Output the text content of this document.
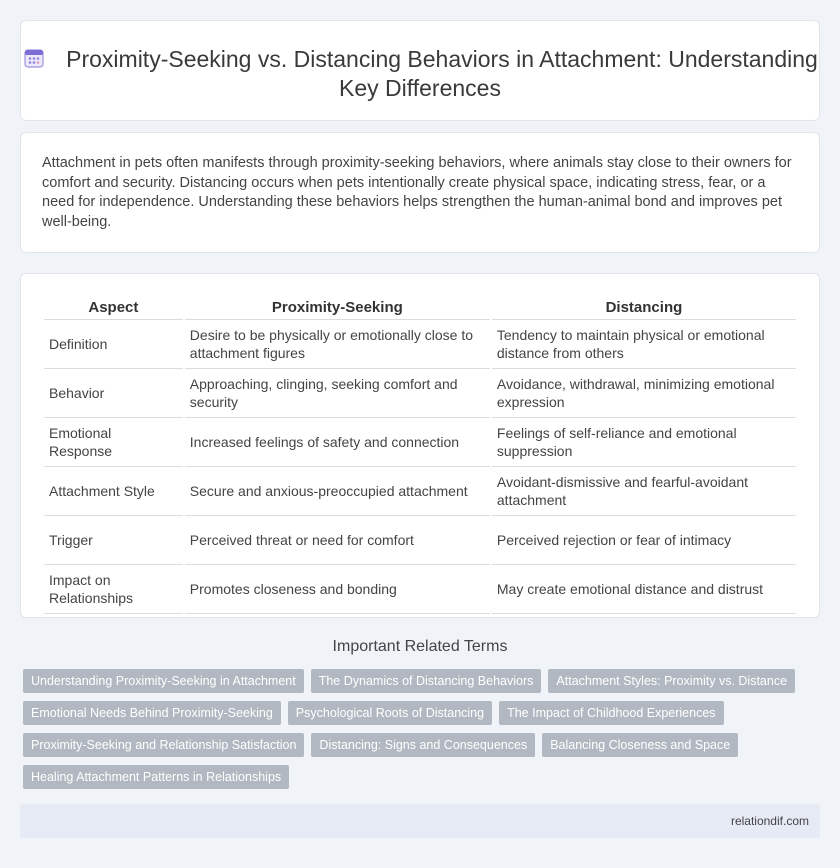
Proximity-Seeking vs. Distancing Behaviors in Attachment: Understanding Key Differences

Attachment in pets often manifests through proximity-seeking behaviors, where animals stay close to their owners for comfort and security. Distancing occurs when pets intentionally create physical space, indicating stress, fear, or a need for independence. Understanding these behaviors helps strengthen the human-animal bond and improves pet well-being.

Aspect	Proximity-Seeking	Distancing
Definition	Desire to be physically or emotionally close to attachment figures	Tendency to maintain physical or emotional distance from others
Behavior	Approaching, clinging, seeking comfort and security	Avoidance, withdrawal, minimizing emotional expression
Emotional Response	Increased feelings of safety and connection	Feelings of self-reliance and emotional suppression
Attachment Style	Secure and anxious-preoccupied attachment	Avoidant-dismissive and fearful-avoidant attachment
Trigger	Perceived threat or need for comfort	Perceived rejection or fear of intimacy
Impact on Relationships	Promotes closeness and bonding	May create emotional distance and distrust
Important Related Terms
Understanding Proximity-Seeking in Attachment	The Dynamics of Distancing Behaviors	Attachment Styles: Proximity vs. Distance
Emotional Needs Behind Proximity-Seeking	Psychological Roots of Distancing	The Impact of Childhood Experiences
Proximity-Seeking and Relationship Satisfaction	Distancing: Signs and Consequences	Balancing Closeness and Space
Healing Attachment Patterns in Relationships
relationdif.com
